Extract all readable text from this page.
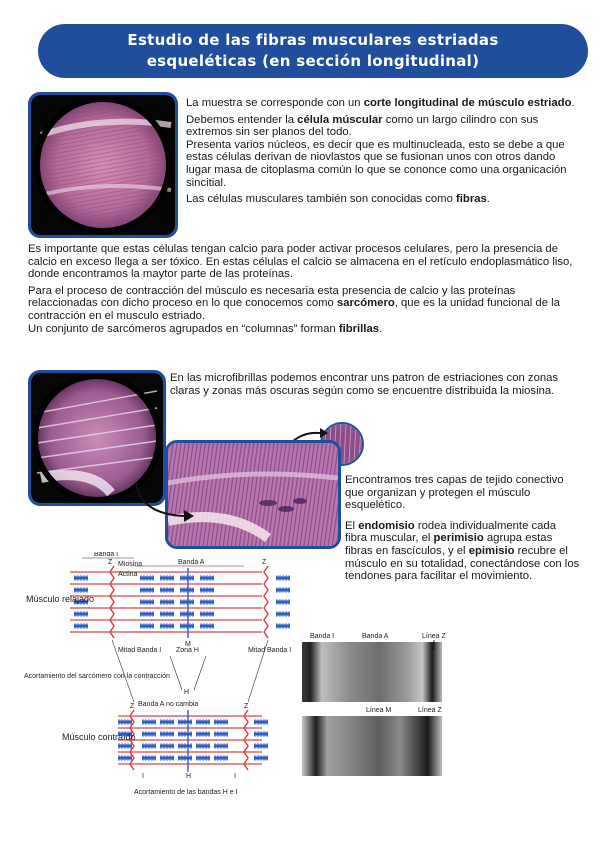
Estudio de las fibras musculares estriadas
esqueléticas (en sección longitudinal)

La muestra se corresponde con un corte longitudinal de músculo estriado.

Debemos entender la célula múscular como un largo cilindro con sus extremos sin ser planos del todo.

Presenta varios núcleos, es decir que es multinucleada, esto se debe a que estas células derivan de niovlastos que se fusionan unos con otros dando lugar masa de citoplasma común lo que se cononce como una organicación sincitial.

Las células musculares también son conocidas como fibras.

Es importante que estas células tengan calcio para poder activar procesos celulares, pero la presencia de calcio en exceso llega a ser tóxico. En estas células el calcio se almacena en el retículo endoplasmático liso, donde encontramos la maytor parte de las proteínas.

Para el proceso de contracción del músculo es necesaria esta presencia de calcio y las proteínas relaccionadas con dicho proceso en lo que conocemos como sarcómero, que es la unidad funcional de la contracción en el musculo estriado.

Un conjunto de sarcómeros agrupados en “columnas” forman fibrillas.

En las microfibrillas podemos encontrar uns patron de estriaciones con zonas claras y zonas más oscuras según como se encuentre distribuida la miosina.

Encontramos tres capas de tejido conectivo que organizan y protegen el músculo esquelético.

El endomisio rodea individualmente cada fibra muscular, el perimisio agrupa estas fibras en fascículos, y el epimisio recubre el músculo en su totalidad, conectándose con los tendones para facilitar el movimiento.

Banda I
Miosina
Actina
Banda A
Z	Z
M
Músculo relajado
Mitad Banda I Zona H	Mitad Banda I
H
Acortamiento del sarcómero con la contracción
Banda A no cambia
Z	Z
Músculo contraído
I	H	I
Acortamiento de las bandas H e I
Banda I	Banda A	Línea Z
Línea M	Línea Z
